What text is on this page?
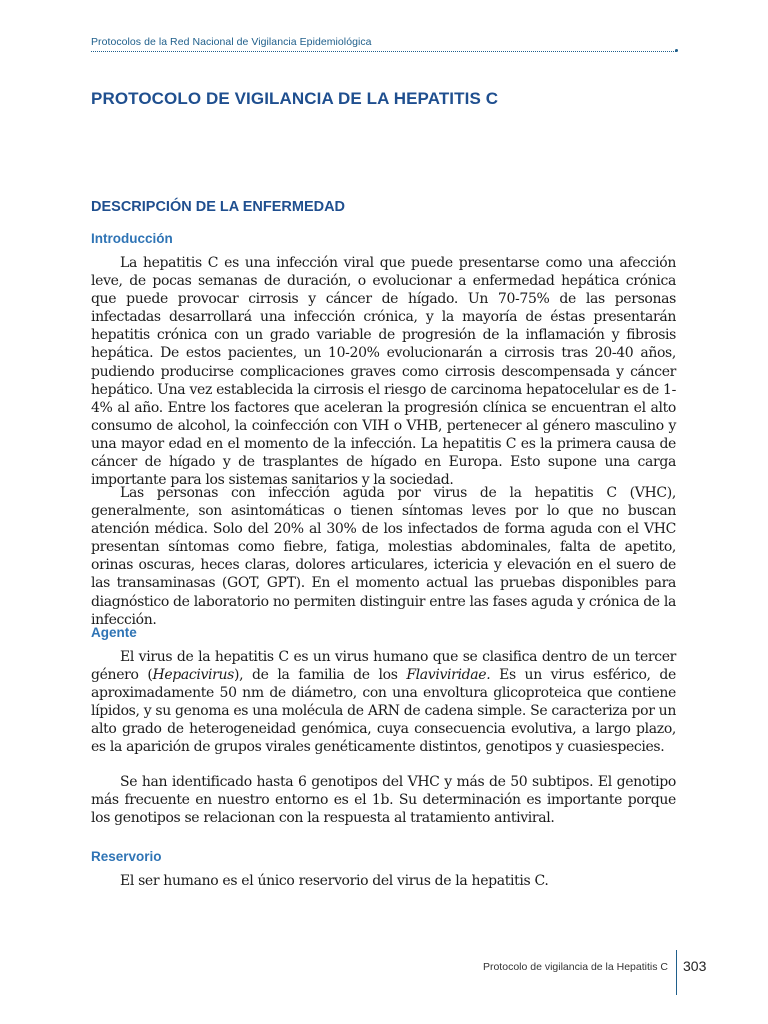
Protocolos de la Red Nacional de Vigilancia Epidemiológica
PROTOCOLO DE VIGILANCIA DE LA HEPATITIS C
DESCRIPCIÓN DE LA ENFERMEDAD
Introducción

La hepatitis C es una infección viral que puede presentarse como una afección leve, de pocas semanas de duración, o evolucionar a enfermedad hepática crónica que puede provocar cirrosis y cáncer de hígado. Un 70-75% de las personas infectadas desarrollará una infección crónica, y la mayoría de éstas presentarán hepatitis crónica con un grado variable de progresión de la inflamación y fibrosis hepática. De estos pacientes, un 10-20% evolucionarán a cirrosis tras 20-40 años, pudiendo producirse complicaciones graves como cirrosis descompensada y cáncer hepático. Una vez establecida la cirrosis el riesgo de carcinoma hepatocelular es de 1-4% al año. Entre los factores que aceleran la progresión clínica se encuentran el alto consumo de alcohol, la coinfección con VIH o VHB, pertenecer al género masculino y una mayor edad en el momento de la infección. La hepatitis C es la primera causa de cáncer de hígado y de trasplantes de hígado en Europa. Esto supone una carga importante para los sistemas sanitarios y la sociedad.

Las personas con infección aguda por virus de la hepatitis C (VHC), generalmente, son asintomáticas o tienen síntomas leves por lo que no buscan atención médica. Solo del 20% al 30% de los infectados de forma aguda con el VHC presentan síntomas como fiebre, fatiga, molestias abdominales, falta de apetito, orinas oscuras, heces claras, dolores articulares, ictericia y elevación en el suero de las transaminasas (GOT, GPT). En el momento actual las pruebas disponibles para diagnóstico de laboratorio no permiten distinguir entre las fases aguda y crónica de la infección.

Agente

El virus de la hepatitis C es un virus humano que se clasifica dentro de un tercer género (Hepacivirus), de la familia de los Flaviviridae. Es un virus esférico, de aproximadamente 50 nm de diámetro, con una envoltura glicoproteica que contiene lípidos, y su genoma es una molécula de ARN de cadena simple. Se caracteriza por un alto grado de heterogeneidad genómica, cuya consecuencia evolutiva, a largo plazo, es la aparición de grupos virales genéticamente distintos, genotipos y cuasiespecies.

Se han identificado hasta 6 genotipos del VHC y más de 50 subtipos. El genotipo más frecuente en nuestro entorno es el 1b. Su determinación es importante porque los genotipos se relacionan con la respuesta al tratamiento antiviral.

Reservorio

El ser humano es el único reservorio del virus de la hepatitis C.

Protocolo de vigilancia de la Hepatitis C 303
